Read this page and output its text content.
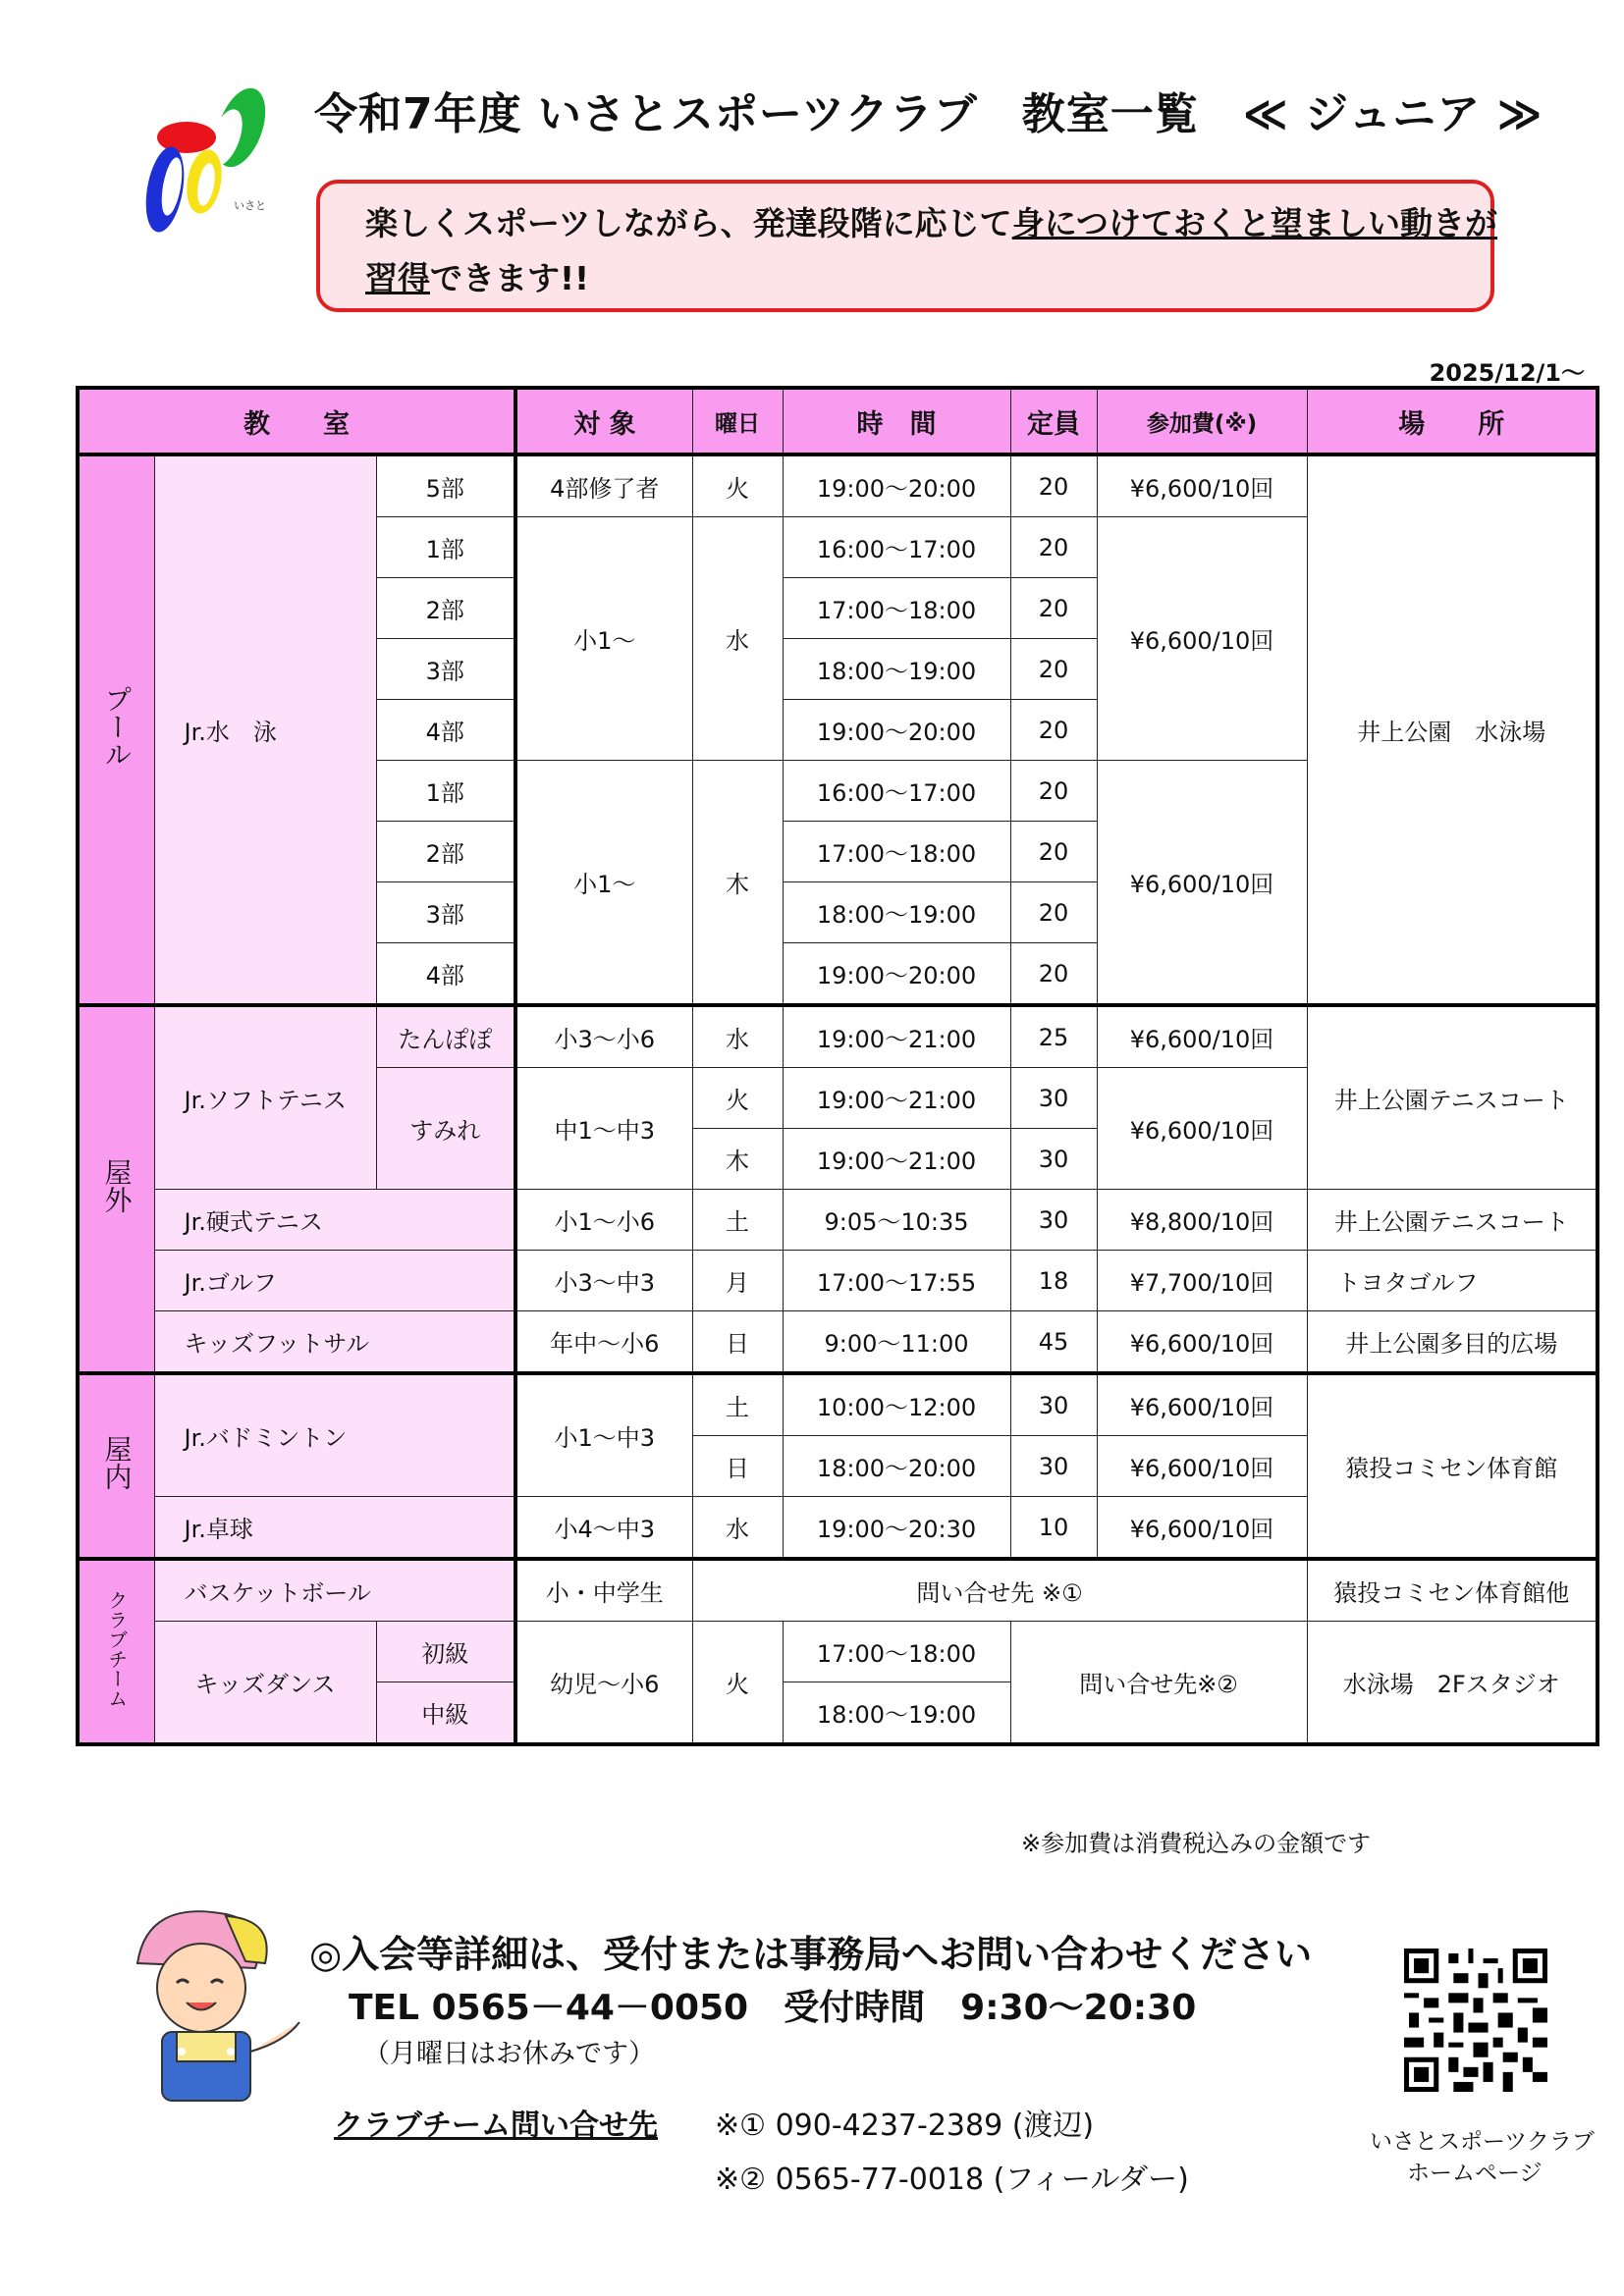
いさと
令和7年度 いさとスポーツクラブ　教室一覧　≪ ジュニア ≫
楽しくスポーツしながら、発達段階に応じて身につけておくと望ましい動きが
習得できます!!
2025/12/1～
教　　室			対 象	曜日	時　間	定員	参加費(※)	場　　所
プール	Jr.水　泳	5部	4部修了者	火	19:00～20:00	20	¥6,600/10回	井上公園　水泳場
		1部	小1～	水	16:00～17:00	20	¥6,600/10回	
		2部			17:00～18:00	20		
		3部			18:00～19:00	20		
		4部			19:00～20:00	20		
		1部	小1～	木	16:00～17:00	20	¥6,600/10回	
		2部			17:00～18:00	20		
		3部			18:00～19:00	20		
		4部			19:00～20:00	20		
屋外	Jr.ソフトテニス	たんぽぽ	小3～小6	水	19:00～21:00	25	¥6,600/10回	井上公園テニスコート
		すみれ	中1～中3	火	19:00～21:00	30	¥6,600/10回	
				木	19:00～21:00	30		
	Jr.硬式テニス		小1～小6	土	9:05～10:35	30	¥8,800/10回	井上公園テニスコート
	Jr.ゴルフ		小3～中3	月	17:00～17:55	18	¥7,700/10回	トヨタゴルフ
	キッズフットサル		年中～小6	日	9:00～11:00	45	¥6,600/10回	井上公園多目的広場
屋内	Jr.バドミントン		小1～中3	土	10:00～12:00	30	¥6,600/10回	猿投コミセン体育館
				日	18:00～20:00	30	¥6,600/10回	
	Jr.卓球		小4～中3	水	19:00～20:30	10	¥6,600/10回	
クラブチーム	バスケットボール		小・中学生	問い合せ先 ※①				猿投コミセン体育館他
	キッズダンス	初級	幼児～小6	火	17:00～18:00	問い合せ先※②		水泳場　2Fスタジオ
		中級			18:00～19:00			
※参加費は消費税込みの金額です
◎入会等詳細は、受付または事務局へお問い合わせください
TEL 0565－44－0050　受付時間　9:30～20:30
（月曜日はお休みです）
クラブチーム問い合せ先 ※① 090-4237-2389 (渡辺)
※② 0565-77-0018 (フィールダー)
いさとスポーツクラブ
ホームページ
